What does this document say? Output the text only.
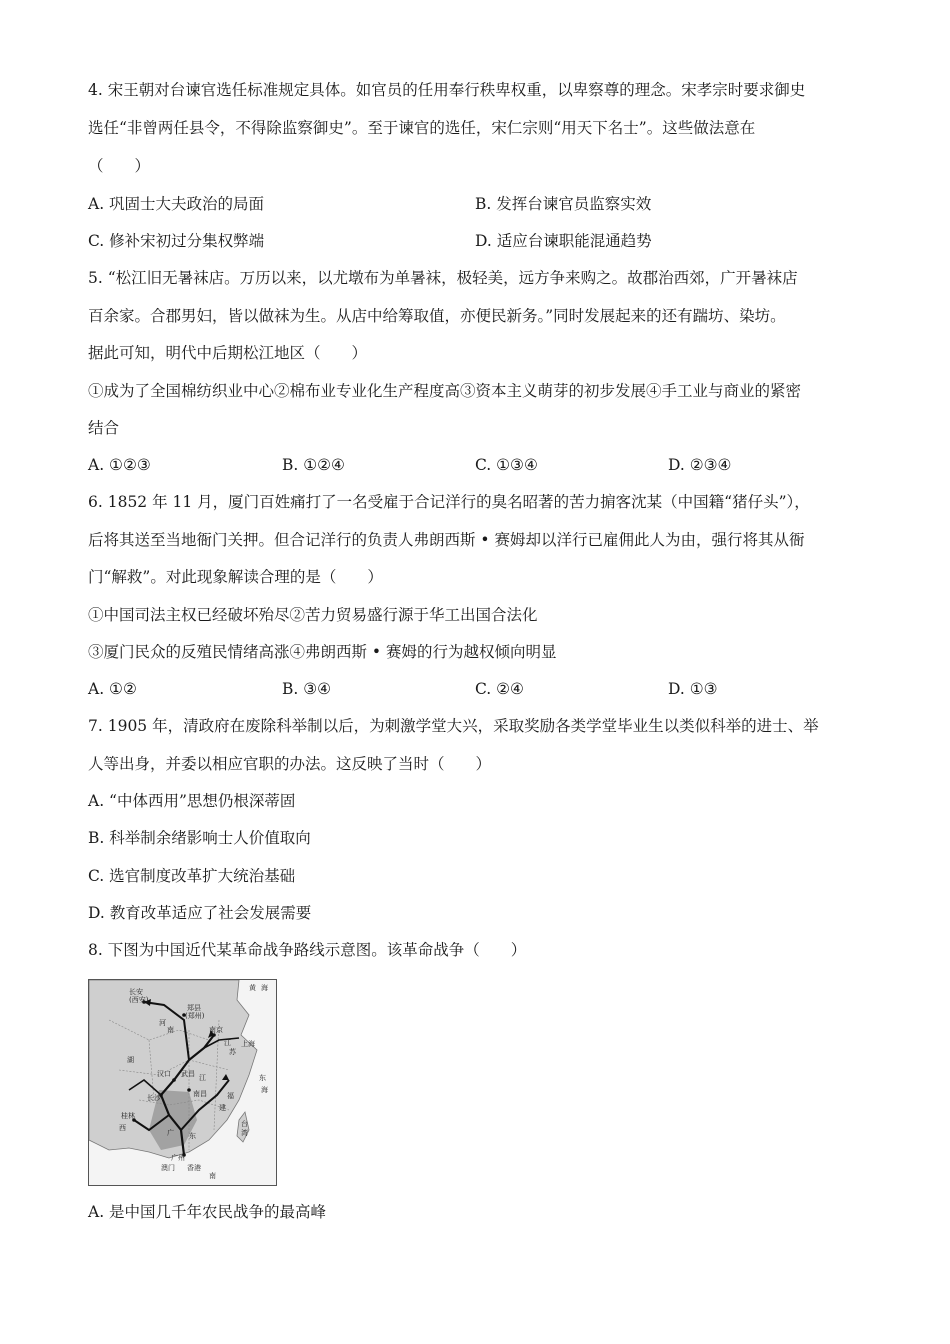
4. 宋王朝对台谏官选任标准规定具体。如官员的任用奉行秩卑权重，以卑察尊的理念。宋孝宗时要求御史
选任“非曾两任县令，不得除监察御史”。至于谏官的选任，宋仁宗则“用天下名士”。这些做法意在
（　　）
A. 巩固士大夫政治的局面	B. 发挥台谏官员监察实效
C. 修补宋初过分集权弊端	D. 适应台谏职能混通趋势
5. “松江旧无暑袜店。万历以来，以尤墩布为单暑袜，极轻美，远方争来购之。故郡治西郊，广开暑袜店
百余家。合郡男妇，皆以做袜为生。从店中给筹取值，亦便民新务。”同时发展起来的还有踹坊、染坊。
据此可知，明代中后期松江地区（　　）
①成为了全国棉纺织业中心②棉布业专业化生产程度高③资本主义萌芽的初步发展④手工业与商业的紧密
结合
A. ①②③	B. ①②④	C. ①③④	D. ②③④
6. 1852 年 11 月，厦门百姓痛打了一名受雇于合记洋行的臭名昭著的苦力掮客沈某（中国籍“猪仔头”），
后将其送至当地衙门关押。但合记洋行的负责人弗朗西斯 • 赛姆却以洋行已雇佣此人为由，强行将其从衙
门“解救”。对此现象解读合理的是（　　）
①中国司法主权已经破坏殆尽②苦力贸易盛行源于华工出国合法化
③厦门民众的反殖民情绪高涨④弗朗西斯 • 赛姆的行为越权倾向明显
A. ①②	B. ③④	C. ②④	D. ①③
7. 1905 年，清政府在废除科举制以后，为刺激学堂大兴，采取奖励各类学堂毕业生以类似科举的进士、举
人等出身，并委以相应官职的办法。这反映了当时（　　）
A. “中体西用”思想仍根深蒂固
B. 科举制余绪影响士人价值取向
C. 选官制度改革扩大统治基础
D. 教育改革适应了社会发展需要
8. 下图为中国近代某革命战争路线示意图。该革命战争（　　）
长安
(西安)
郑县
(郑州)
河
南	南京
江
苏
上海
汉口 武昌
长沙	南昌
湖
江
福
建
广 东
西
广州
桂林
台
湾
澳门 香港
黄 海
东
海
南
A. 是中国几千年农民战争的最高峰
